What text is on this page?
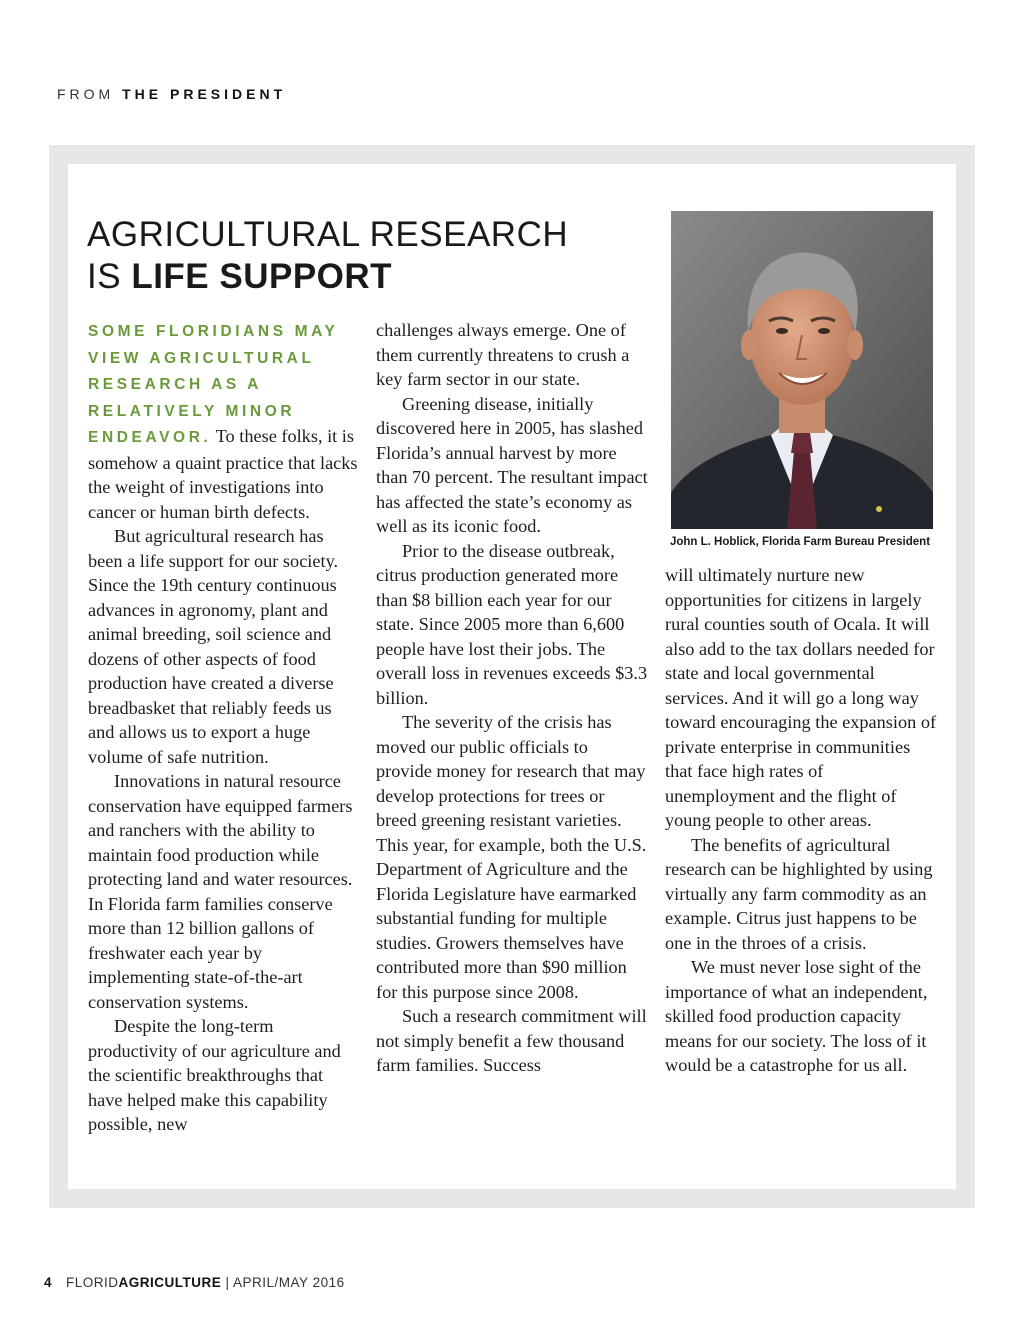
FROM THE PRESIDENT
AGRICULTURAL RESEARCH
IS LIFE SUPPORT

SOME FLORIDIANS MAY VIEW AGRICULTURAL RESEARCH AS A RELATIVELY MINOR ENDEAVOR. To these folks, it is somehow a quaint practice that lacks the weight of investigations into cancer or human birth defects.

But agricultural research has been a life support for our society. Since the 19th century continuous advances in agronomy, plant and animal breeding, soil science and dozens of other aspects of food production have created a diverse breadbasket that reliably feeds us and allows us to export a huge volume of safe nutrition.

Innovations in natural resource conservation have equipped farmers and ranchers with the ability to maintain food production while protecting land and water resources. In Florida farm families conserve more than 12 billion gallons of freshwater each year by implementing state-of-the-art conservation systems.

Despite the long-term productivity of our agriculture and the scientific breakthroughs that have helped make this capability possible, new

challenges always emerge. One of them currently threatens to crush a key farm sector in our state.

Greening disease, initially discovered here in 2005, has slashed Florida’s annual harvest by more than 70 percent. The resultant impact has affected the state’s economy as well as its iconic food.

Prior to the disease outbreak, citrus production generated more than $8 billion each year for our state. Since 2005 more than 6,600 people have lost their jobs. The overall loss in revenues exceeds $3.3 billion.

The severity of the crisis has moved our public officials to provide money for research that may develop protections for trees or breed greening resistant varieties. This year, for example, both the U.S. Department of Agriculture and the Florida Legislature have earmarked substantial funding for multiple studies. Growers themselves have contributed more than $90 million for this purpose since 2008.

Such a research commitment will not simply benefit a few thousand farm families. Success

John L. Hoblick, Florida Farm Bureau President

will ultimately nurture new opportunities for citizens in largely rural counties south of Ocala. It will also add to the tax dollars needed for state and local governmental services. And it will go a long way toward encouraging the expansion of private enterprise in communities that face high rates of unemployment and the flight of young people to other areas.

The benefits of agricultural research can be highlighted by using virtually any farm commodity as an example. Citrus just happens to be one in the throes of a crisis.

We must never lose sight of the importance of what an independent, skilled food production capacity means for our society. The loss of it would be a catastrophe for us all.

4 FLORIDAGRICULTURE | APRIL/MAY 2016
